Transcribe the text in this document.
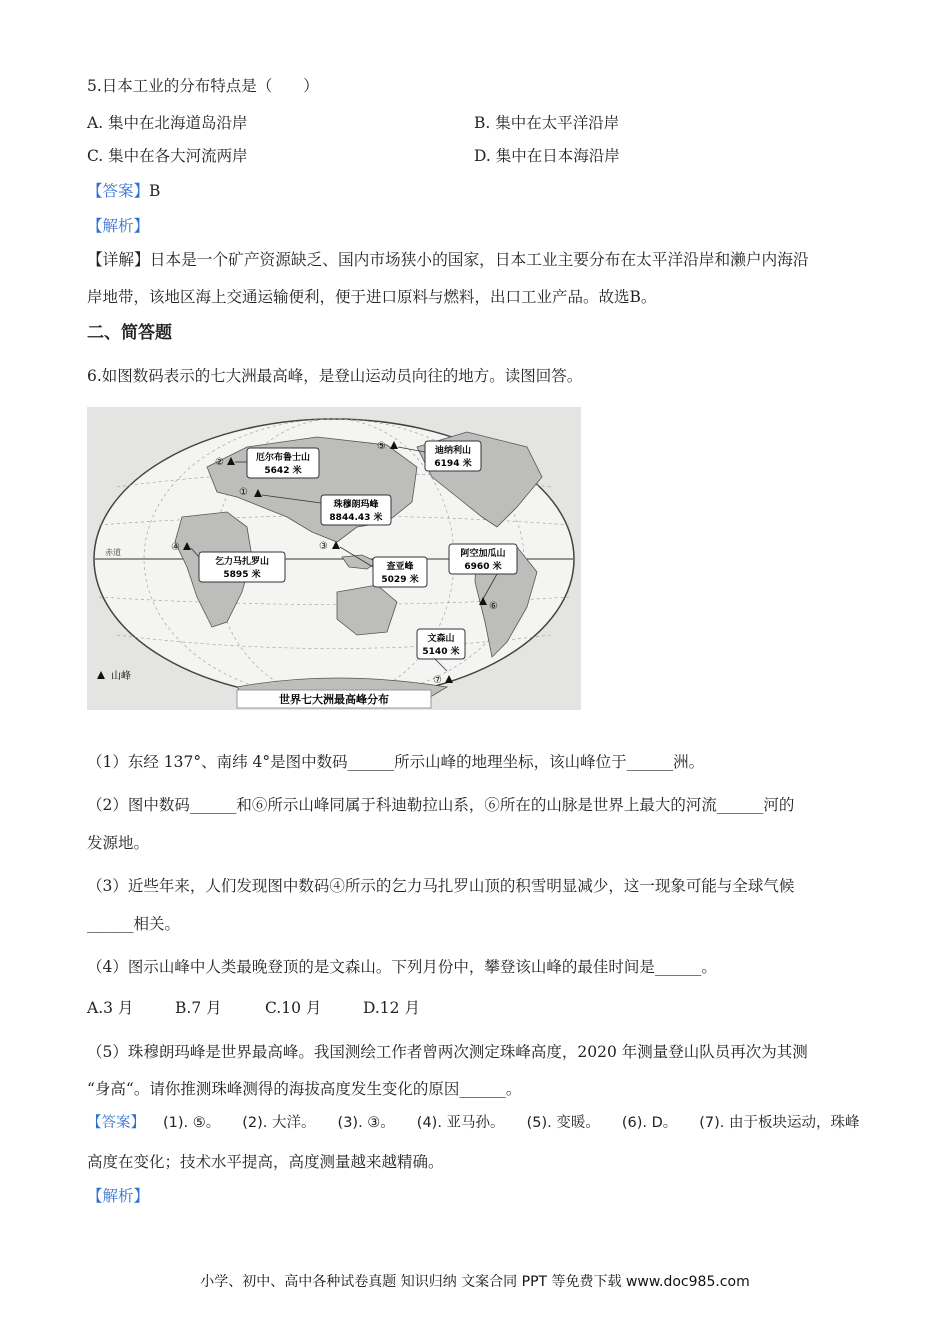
5.日本工业的分布特点是（　　）
A. 集中在北海道岛沿岸	B. 集中在太平洋沿岸
C. 集中在各大河流两岸	D. 集中在日本海沿岸
【答案】B
【解析】
【详解】日本是一个矿产资源缺乏、国内市场狭小的国家，日本工业主要分布在太平洋沿岸和濑户内海沿
岸地带，该地区海上交通运输便利，便于进口原料与燃料，出口工业产品。故选B。
二、简答题
6.如图数码表示的七大洲最高峰，是登山运动员向往的地方。读图回答。
赤道
①
珠穆朗玛峰
8844.43 米
②	厄尔布鲁士山
5642 米
⑤	迪纳利山
6194 米
④
乞力马扎罗山
5895 米
③
查亚峰
5029 米
阿空加瓜山
6960 米
⑥
文森山
5140 米
⑦
山峰
世界七大洲最高峰分布
（1）东经 137°、南纬 4°是图中数码______所示山峰的地理坐标，该山峰位于______洲。
（2）图中数码______和⑥所示山峰同属于科迪勒拉山系，⑥所在的山脉是世界上最大的河流______河的
发源地。
（3）近些年来，人们发现图中数码④所示的乞力马扎罗山顶的积雪明显减少，这一现象可能与全球气候
______相关。
（4）图示山峰中人类最晚登顶的是文森山。下列月份中，攀登该山峰的最佳时间是______。
A.3 月	B.7 月	C.10 月	D.12 月
（5）珠穆朗玛峰是世界最高峰。我国测绘工作者曾两次测定珠峰高度，2020 年测量登山队员再次为其测
“身高“。请你推测珠峰测得的海拔高度发生变化的原因______。
【答案】 (1). ⑤。 (2). 大洋。 (3). ③。 (4). 亚马孙。 (5). 变暖。 (6). D。 (7). 由于板块运动，珠峰
高度在变化；技术水平提高，高度测量越来越精确。
【解析】
小学、初中、高中各种试卷真题 知识归纳 文案合同 PPT 等免费下载 www.doc985.com
